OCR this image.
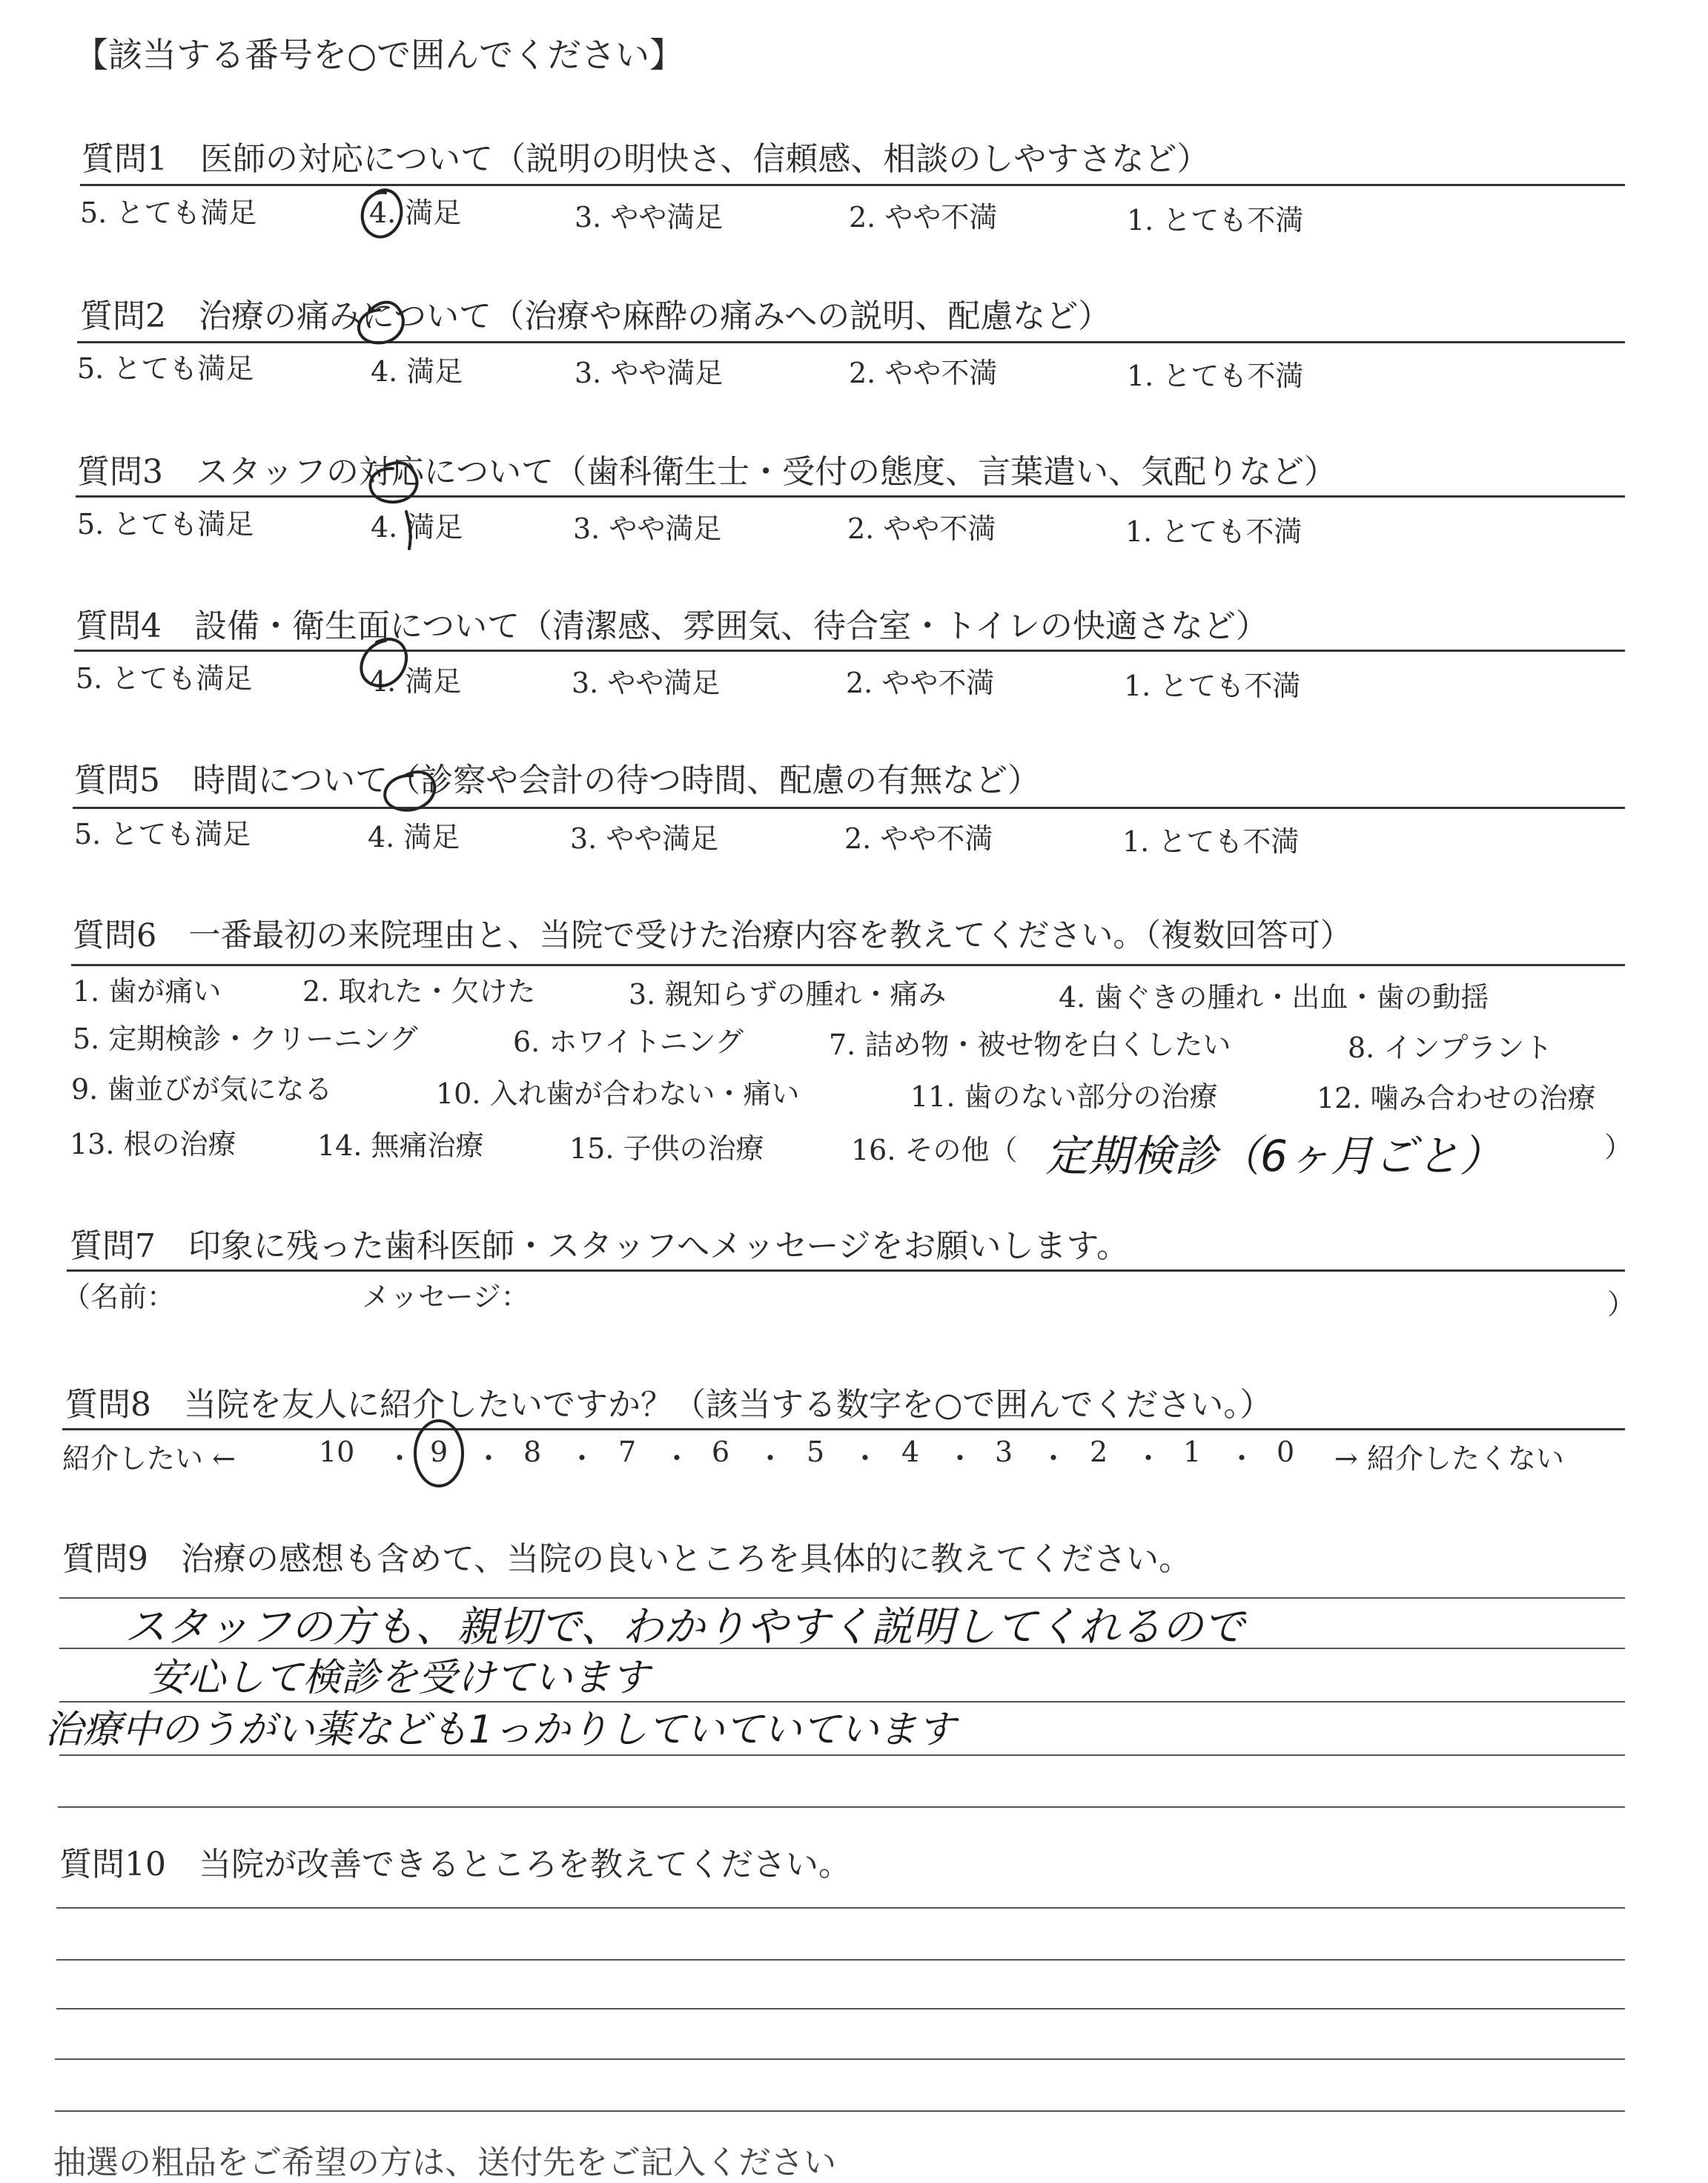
【該当する番号を○で囲んでください】
質問1　医師の対応について（説明の明快さ、信頼感、相談のしやすさなど）
5. とても満足	4. 満足	3. やや満足	2. やや不満	1. とても不満
質問2　治療の痛みについて（治療や麻酔の痛みへの説明、配慮など）
5. とても満足	4. 満足	3. やや満足	2. やや不満	1. とても不満
質問3　スタッフの対応について（歯科衛生士・受付の態度、言葉遣い、気配りなど）
5. とても満足	4. 満足	3. やや満足	2. やや不満	1. とても不満
質問4　設備・衛生面について（清潔感、雰囲気、待合室・トイレの快適さなど）
5. とても満足	4. 満足	3. やや満足	2. やや不満	1. とても不満
質問5　時間について（診察や会計の待つ時間、配慮の有無など）
5. とても満足	4. 満足	3. やや満足	2. やや不満	1. とても不満
質問6　一番最初の来院理由と、当院で受けた治療内容を教えてください。（複数回答可）
1. 歯が痛い	2. 取れた・欠けた	3. 親知らずの腫れ・痛み	4. 歯ぐきの腫れ・出血・歯の動揺
5. 定期検診・クリーニング	6. ホワイトニング	7. 詰め物・被せ物を白くしたい	8. インプラント
9. 歯並びが気になる	10. 入れ歯が合わない・痛い	11. 歯のない部分の治療	12. 噛み合わせの治療
13. 根の治療	14. 無痛治療	15. 子供の治療	16. その他（ 定期検診（6ヶ月ごと）	）
質問7　印象に残った歯科医師・スタッフへメッセージをお願いします。
（名前：	メッセージ：	）
質問8　当院を友人に紹介したいですか？（該当する数字を○で囲んでください。）
紹介したい ←	10 ・ 9 ・ 8 ・ 7 ・ 6 ・ 5 ・ 4 ・ 3 ・ 2 ・ 1 ・ 0 → 紹介したくない
質問9　治療の感想も含めて、当院の良いところを具体的に教えてください。
スタッフの方も、親切で、わかりやすく説明してくれるので
安心して検診を受けています
治療中のうがい薬なども1っかりしていていています
質問10　当院が改善できるところを教えてください。
抽選の粗品をご希望の方は、送付先をご記入ください
